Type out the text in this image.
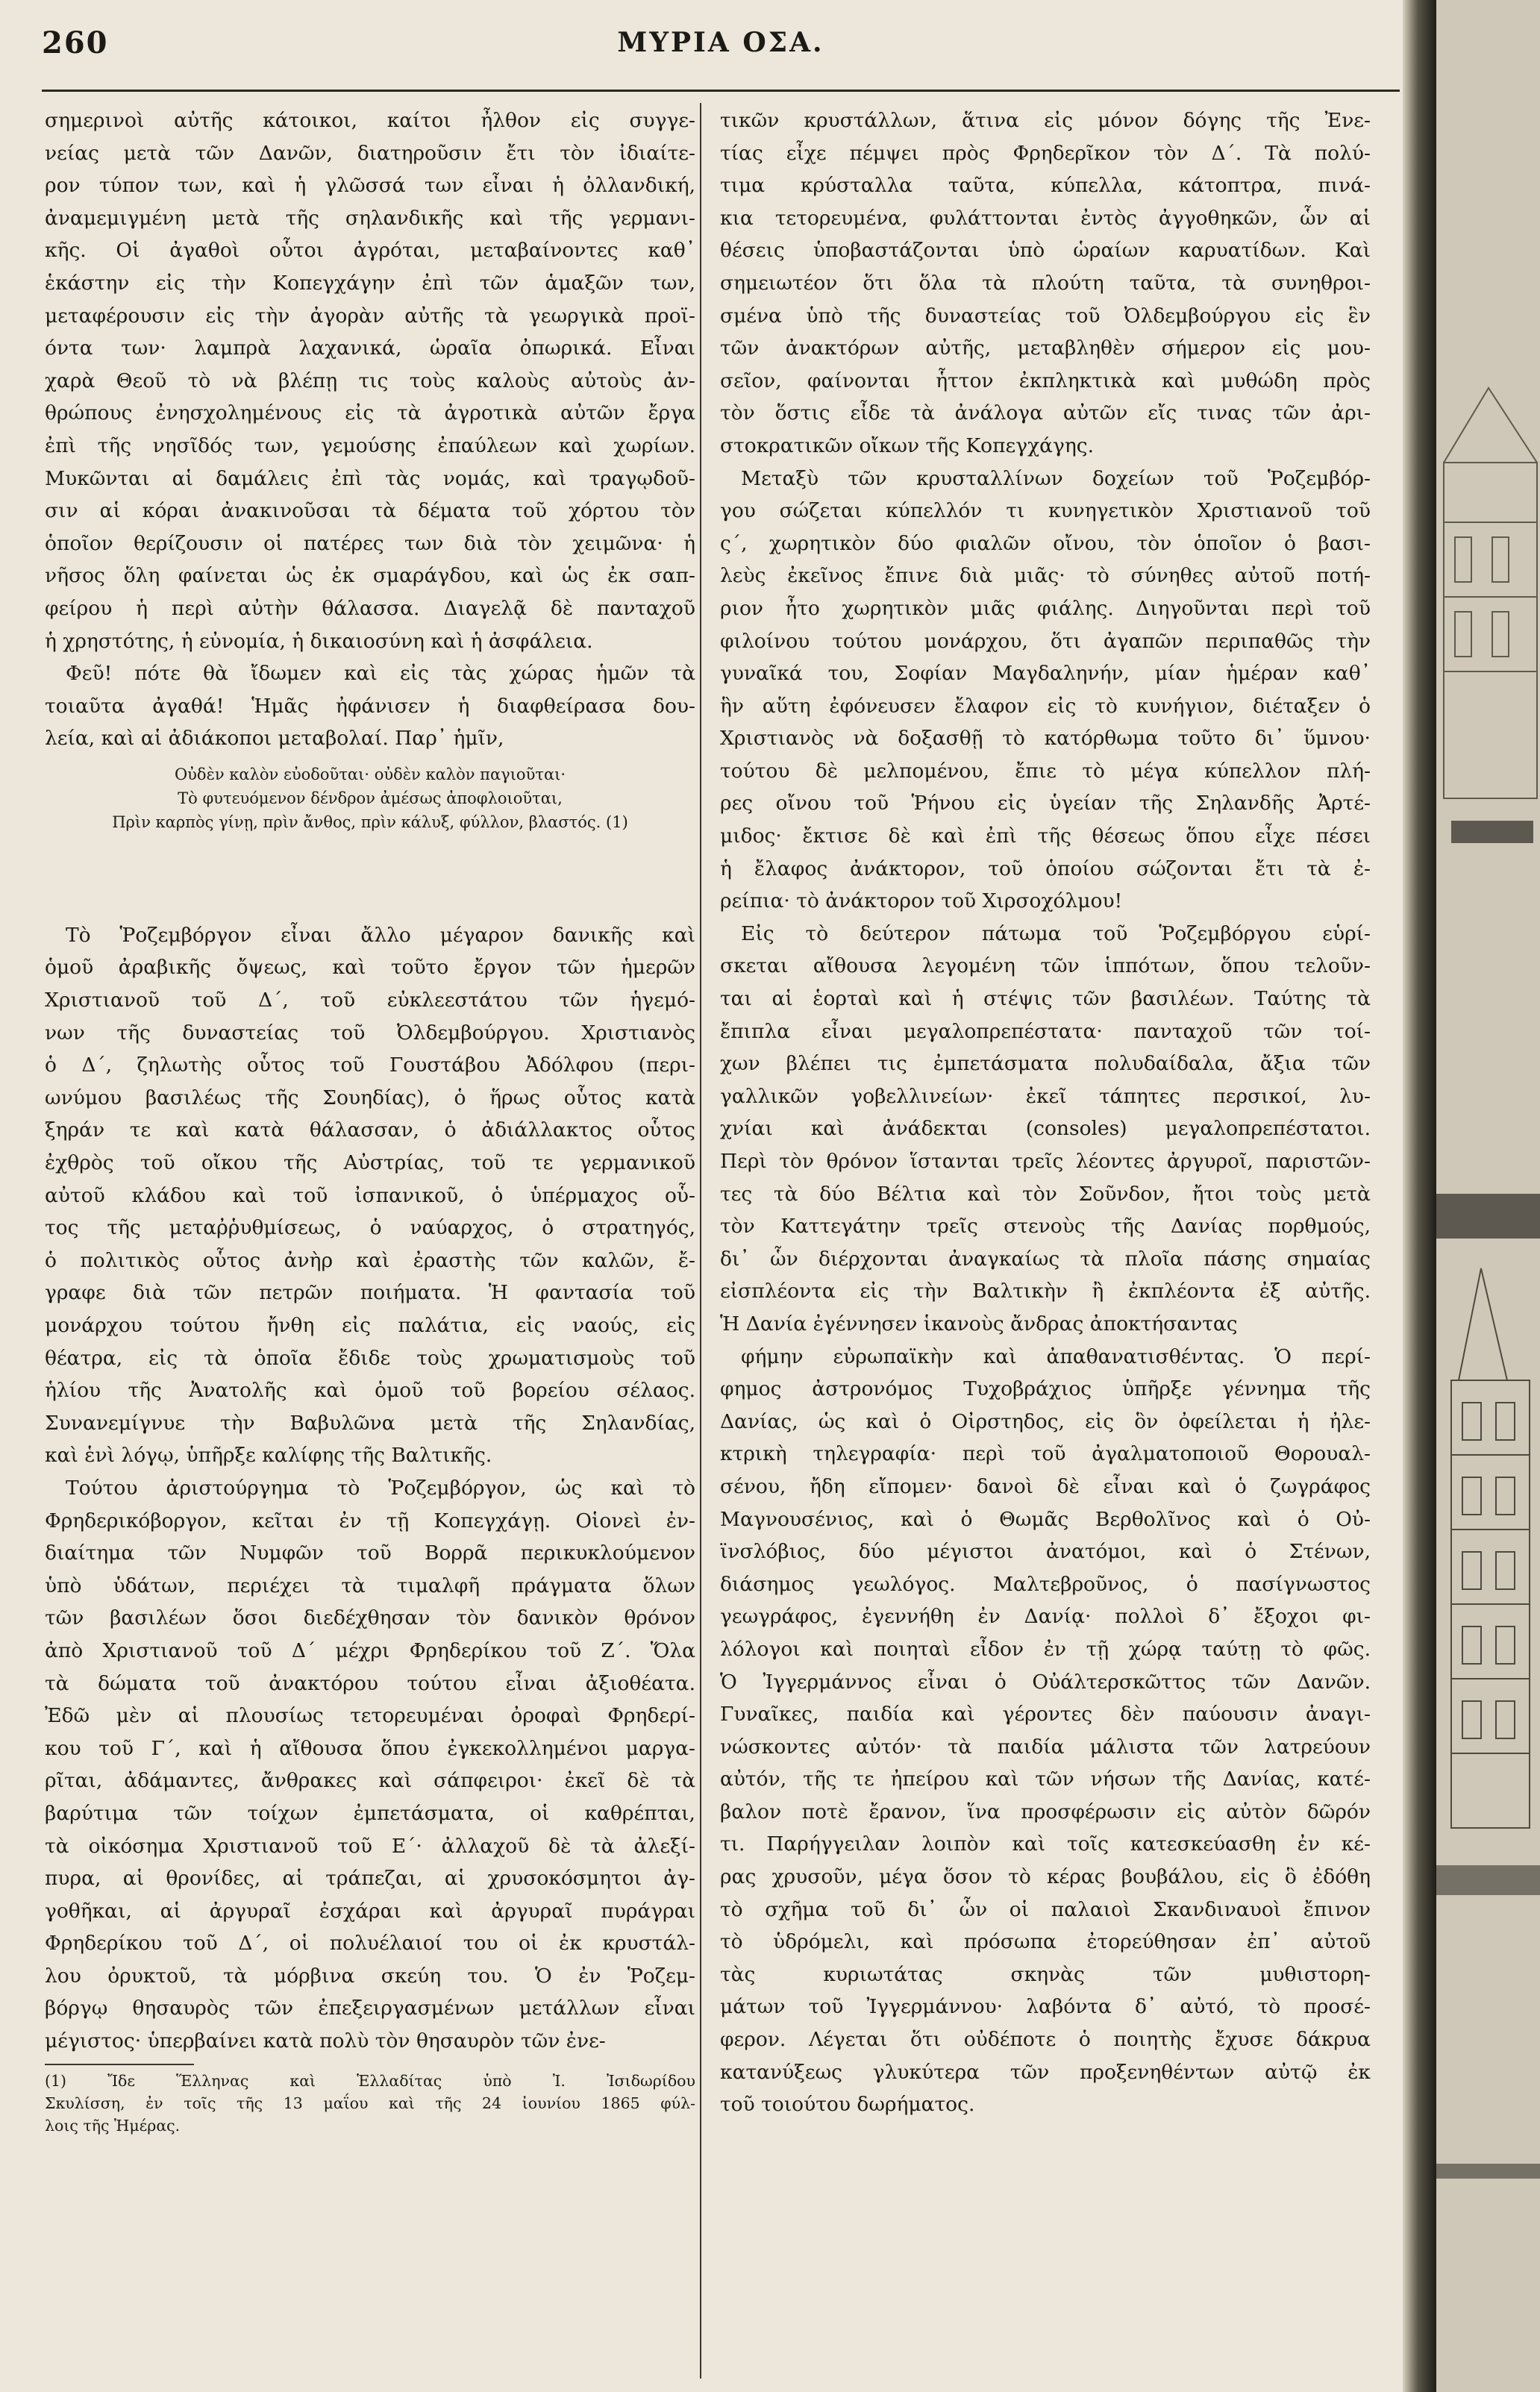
260	ΜΥΡΙΑ ΟΣΑ.
σημερινοὶ αὐτῆς κάτοικοι, καίτοι ἦλθον εἰς συγγε-
νείας μετὰ τῶν Δανῶν, διατηροῦσιν ἔτι τὸν ἰδιαίτε-
ρον τύπον των, καὶ ἡ γλῶσσά των εἶναι ἡ ὀλλανδική,
ἀναμεμιγμένη μετὰ τῆς σηλανδικῆς καὶ τῆς γερμανι-
κῆς. Οἱ ἀγαθοὶ οὗτοι ἀγρόται, μεταβαίνοντες καθ᾽
ἑκάστην εἰς τὴν Κοπεγχάγην ἐπὶ τῶν ἁμαξῶν των,
μεταφέρουσιν εἰς τὴν ἀγορὰν αὐτῆς τὰ γεωργικὰ προϊ-
όντα των· λαμπρὰ λαχανικά, ὡραῖα ὀπωρικά. Εἶναι
χαρὰ Θεοῦ τὸ νὰ βλέπῃ τις τοὺς καλοὺς αὐτοὺς ἀν-
θρώπους ἐνησχολημένους εἰς τὰ ἀγροτικὰ αὐτῶν ἔργα
ἐπὶ τῆς νησῖδός των, γεμούσης ἐπαύλεων καὶ χωρίων.
Μυκῶνται αἱ δαμάλεις ἐπὶ τὰς νομάς, καὶ τραγῳδοῦ-
σιν αἱ κόραι ἀνακινοῦσαι τὰ δέματα τοῦ χόρτου τὸν
ὁποῖον θερίζουσιν οἱ πατέρες των διὰ τὸν χειμῶνα· ἡ
νῆσος ὅλη φαίνεται ὡς ἐκ σμαράγδου, καὶ ὡς ἐκ σαπ-
φείρου ἡ περὶ αὐτὴν θάλασσα. Διαγελᾷ δὲ πανταχοῦ
ἡ χρηστότης, ἡ εὐνομία, ἡ δικαιοσύνη καὶ ἡ ἀσφάλεια.
Φεῦ! πότε θὰ ἴδωμεν καὶ εἰς τὰς χώρας ἡμῶν τὰ
τοιαῦτα ἀγαθά! Ἡμᾶς ἠφάνισεν ἡ διαφθείρασα δου-
λεία, καὶ αἱ ἀδιάκοποι μεταβολαί. Παρ᾽ ἡμῖν,
Οὐδὲν καλὸν εὐοδοῦται· οὐδὲν καλὸν παγιοῦται·
Τὸ φυτευόμενον δένδρον ἀμέσως ἀποφλοιοῦται,
Πρὶν καρπὸς γίνῃ, πρὶν ἄνθος, πρὶν κάλυξ, φύλλον, βλαστός. (1)
Τὸ Ῥοζεμβόργον εἶναι ἄλλο μέγαρον δανικῆς καὶ
ὁμοῦ ἀραβικῆς ὄψεως, καὶ τοῦτο ἔργον τῶν ἡμερῶν
Χριστιανοῦ τοῦ Δ´, τοῦ εὐκλεεστάτου τῶν ἡγεμό-
νων τῆς δυναστείας τοῦ Ὀλδεμβούργου. Χριστιανὸς
ὁ Δ´, ζηλωτὴς οὗτος τοῦ Γουστάβου Ἀδόλφου (περι-
ωνύμου βασιλέως τῆς Σουηδίας), ὁ ἥρως οὗτος κατὰ
ξηράν τε καὶ κατὰ θάλασσαν, ὁ ἀδιάλλακτος οὗτος
ἐχθρὸς τοῦ οἴκου τῆς Αὐστρίας, τοῦ τε γερμανικοῦ
αὐτοῦ κλάδου καὶ τοῦ ἰσπανικοῦ, ὁ ὑπέρμαχος οὗ-
τος τῆς μεταῤῥυθμίσεως, ὁ ναύαρχος, ὁ στρατηγός,
ὁ πολιτικὸς οὗτος ἀνὴρ καὶ ἐραστὴς τῶν καλῶν, ἔ-
γραφε διὰ τῶν πετρῶν ποιήματα. Ἡ φαντασία τοῦ
μονάρχου τούτου ἤνθη εἰς παλάτια, εἰς ναούς, εἰς
θέατρα, εἰς τὰ ὁποῖα ἔδιδε τοὺς χρωματισμοὺς τοῦ
ἡλίου τῆς Ἀνατολῆς καὶ ὁμοῦ τοῦ βορείου σέλαος.
Συνανεμίγνυε τὴν Βαβυλῶνα μετὰ τῆς Σηλανδίας,
καὶ ἑνὶ λόγῳ, ὑπῆρξε καλίφης τῆς Βαλτικῆς.
Τούτου ἀριστούργημα τὸ Ῥοζεμβόργον, ὡς καὶ τὸ
Φρηδερικόβοργον, κεῖται ἐν τῇ Κοπεγχάγῃ. Οἱονεὶ ἐν-
διαίτημα τῶν Νυμφῶν τοῦ Βορρᾶ περικυκλούμενον
ὑπὸ ὑδάτων, περιέχει τὰ τιμαλφῆ πράγματα ὅλων
τῶν βασιλέων ὅσοι διεδέχθησαν τὸν δανικὸν θρόνον
ἀπὸ Χριστιανοῦ τοῦ Δ´ μέχρι Φρηδερίκου τοῦ Ζ´. Ὅλα
τὰ δώματα τοῦ ἀνακτόρου τούτου εἶναι ἀξιοθέατα.
Ἐδῶ μὲν αἱ πλουσίως τετορευμέναι ὀροφαὶ Φρηδερί-
κου τοῦ Γ´, καὶ ἡ αἴθουσα ὅπου ἐγκεκολλημένοι μαργα-
ρῖται, ἀδάμαντες, ἄνθρακες καὶ σάπφειροι· ἐκεῖ δὲ τὰ
βαρύτιμα τῶν τοίχων ἐμπετάσματα, οἱ καθρέπται,
τὰ οἰκόσημα Χριστιανοῦ τοῦ Ε´· ἀλλαχοῦ δὲ τὰ ἀλεξί-
πυρα, αἱ θρονίδες, αἱ τράπεζαι, αἱ χρυσοκόσμητοι ἀγ-
γοθῆκαι, αἱ ἀργυραῖ ἐσχάραι καὶ ἀργυραῖ πυράγραι
Φρηδερίκου τοῦ Δ´, οἱ πολυέλαιοί του οἱ ἐκ κρυστάλ-
λου ὀρυκτοῦ, τὰ μόρβινα σκεύη του. Ὁ ἐν Ῥοζεμ-
βόργῳ θησαυρὸς τῶν ἐπεξειργασμένων μετάλλων εἶναι
μέγιστος· ὑπερβαίνει κατὰ πολὺ τὸν θησαυρὸν τῶν ἐνε-
(1) Ἴδε Ἕλληνας καὶ Ἑλλαδίτας ὑπὸ Ἰ. Ἰσιδωρίδου
Σκυλίσση, ἐν τοῖς τῆς 13 μαΐου καὶ τῆς 24 ἰουνίου 1865 φύλ-
λοις τῆς Ἡμέρας.
τικῶν κρυστάλλων, ἅτινα εἰς μόνον δόγης τῆς Ἐνε-
τίας εἶχε πέμψει πρὸς Φρηδερῖκον τὸν Δ´. Τὰ πολύ-
τιμα κρύσταλλα ταῦτα, κύπελλα, κάτοπτρα, πινά-
κια τετορευμένα, φυλάττονται ἐντὸς ἀγγοθηκῶν, ὧν αἱ
θέσεις ὑποβαστάζονται ὑπὸ ὡραίων καρυατίδων. Καὶ
σημειωτέον ὅτι ὅλα τὰ πλούτη ταῦτα, τὰ συνηθροι-
σμένα ὑπὸ τῆς δυναστείας τοῦ Ὀλδεμβούργου εἰς ἓν
τῶν ἀνακτόρων αὐτῆς, μεταβληθὲν σήμερον εἰς μου-
σεῖον, φαίνονται ἧττον ἐκπληκτικὰ καὶ μυθώδη πρὸς
τὸν ὅστις εἶδε τὰ ἀνάλογα αὐτῶν εἴς τινας τῶν ἀρι-
στοκρατικῶν οἴκων τῆς Κοπεγχάγης.
Μεταξὺ τῶν κρυσταλλίνων δοχείων τοῦ Ῥοζεμβόρ-
γου σώζεται κύπελλόν τι κυνηγετικὸν Χριστιανοῦ τοῦ
ς´, χωρητικὸν δύο φιαλῶν οἴνου, τὸν ὁποῖον ὁ βασι-
λεὺς ἐκεῖνος ἔπινε διὰ μιᾶς· τὸ σύνηθες αὐτοῦ ποτή-
ριον ἦτο χωρητικὸν μιᾶς φιάλης. Διηγοῦνται περὶ τοῦ
φιλοίνου τούτου μονάρχου, ὅτι ἀγαπῶν περιπαθῶς τὴν
γυναῖκά του, Σοφίαν Μαγδαληνήν, μίαν ἡμέραν καθ᾽
ἣν αὕτη ἐφόνευσεν ἔλαφον εἰς τὸ κυνήγιον, διέταξεν ὁ
Χριστιανὸς νὰ δοξασθῇ τὸ κατόρθωμα τοῦτο δι᾽ ὕμνου·
τούτου δὲ μελπομένου, ἔπιε τὸ μέγα κύπελλον πλή-
ρες οἴνου τοῦ Ῥήνου εἰς ὑγείαν τῆς Σηλανδῆς Ἀρτέ-
μιδος· ἔκτισε δὲ καὶ ἐπὶ τῆς θέσεως ὅπου εἶχε πέσει
ἡ ἔλαφος ἀνάκτορον, τοῦ ὁποίου σώζονται ἔτι τὰ ἐ-
ρείπια· τὸ ἀνάκτορον τοῦ Χιρσοχόλμου!
Εἰς τὸ δεύτερον πάτωμα τοῦ Ῥοζεμβόργου εὑρί-
σκεται αἴθουσα λεγομένη τῶν ἱππότων, ὅπου τελοῦν-
ται αἱ ἑορταὶ καὶ ἡ στέψις τῶν βασιλέων. Ταύτης τὰ
ἔπιπλα εἶναι μεγαλοπρεπέστατα· πανταχοῦ τῶν τοί-
χων βλέπει τις ἐμπετάσματα πολυδαίδαλα, ἄξια τῶν
γαλλικῶν γοβελλινείων· ἐκεῖ τάπητες περσικοί, λυ-
χνίαι καὶ ἀνάδεκται (consoles) μεγαλοπρεπέστατοι.
Περὶ τὸν θρόνον ἵστανται τρεῖς λέοντες ἀργυροῖ, παριστῶν-
τες τὰ δύο Βέλτια καὶ τὸν Σοῦνδον, ἤτοι τοὺς μετὰ
τὸν Καττεγάτην τρεῖς στενοὺς τῆς Δανίας πορθμούς,
δι᾽ ὧν διέρχονται ἀναγκαίως τὰ πλοῖα πάσης σημαίας
εἰσπλέοντα εἰς τὴν Βαλτικὴν ἢ ἐκπλέοντα ἐξ αὐτῆς.
Ἡ Δανία ἐγέννησεν ἱκανοὺς ἄνδρας ἀποκτήσαντας
φήμην εὐρωπαϊκὴν καὶ ἀπαθανατισθέντας. Ὁ περί-
φημος ἀστρονόμος Τυχοβράχιος ὑπῆρξε γέννημα τῆς
Δανίας, ὡς καὶ ὁ Οἰρστηδος, εἰς ὃν ὀφείλεται ἡ ἠλε-
κτρικὴ τηλεγραφία· περὶ τοῦ ἀγαλματοποιοῦ Θορουαλ-
σένου, ἤδη εἴπομεν· δανοὶ δὲ εἶναι καὶ ὁ ζωγράφος
Μαγνουσένιος, καὶ ὁ Θωμᾶς Βερθολῖνος καὶ ὁ Οὐ-
ϊνσλόβιος, δύο μέγιστοι ἀνατόμοι, καὶ ὁ Στένων,
διάσημος γεωλόγος. Μαλτεβροῦνος, ὁ πασίγνωστος
γεωγράφος, ἐγεννήθη ἐν Δανίᾳ· πολλοὶ δ᾽ ἔξοχοι φι-
λόλογοι καὶ ποιηταὶ εἶδον ἐν τῇ χώρᾳ ταύτῃ τὸ φῶς.
Ὁ Ἰγγερμάννος εἶναι ὁ Οὐάλτερσκῶττος τῶν Δανῶν.
Γυναῖκες, παιδία καὶ γέροντες δὲν παύουσιν ἀναγι-
νώσκοντες αὐτόν· τὰ παιδία μάλιστα τῶν λατρεύουν
αὐτόν, τῆς τε ἠπείρου καὶ τῶν νήσων τῆς Δανίας, κατέ-
βαλον ποτὲ ἔρανον, ἵνα προσφέρωσιν εἰς αὐτὸν δῶρόν
τι. Παρήγγειλαν λοιπὸν καὶ τοῖς κατεσκεύασθη ἐν κέ-
ρας χρυσοῦν, μέγα ὅσον τὸ κέρας βουβάλου, εἰς ὃ ἐδόθη
τὸ σχῆμα τοῦ δι᾽ ὧν οἱ παλαιοὶ Σκανδιναυοὶ ἔπινον
τὸ ὑδρόμελι, καὶ πρόσωπα ἐτορεύθησαν ἐπ᾽ αὐτοῦ
τὰς κυριωτάτας σκηνὰς τῶν μυθιστορη-
μάτων τοῦ Ἰγγερμάννου· λαβόντα δ᾽ αὐτό, τὸ προσέ-
φερον. Λέγεται ὅτι οὐδέποτε ὁ ποιητὴς ἔχυσε δάκρυα
κατανύξεως γλυκύτερα τῶν προξενηθέντων αὐτῷ ἐκ
τοῦ τοιούτου δωρήματος.
